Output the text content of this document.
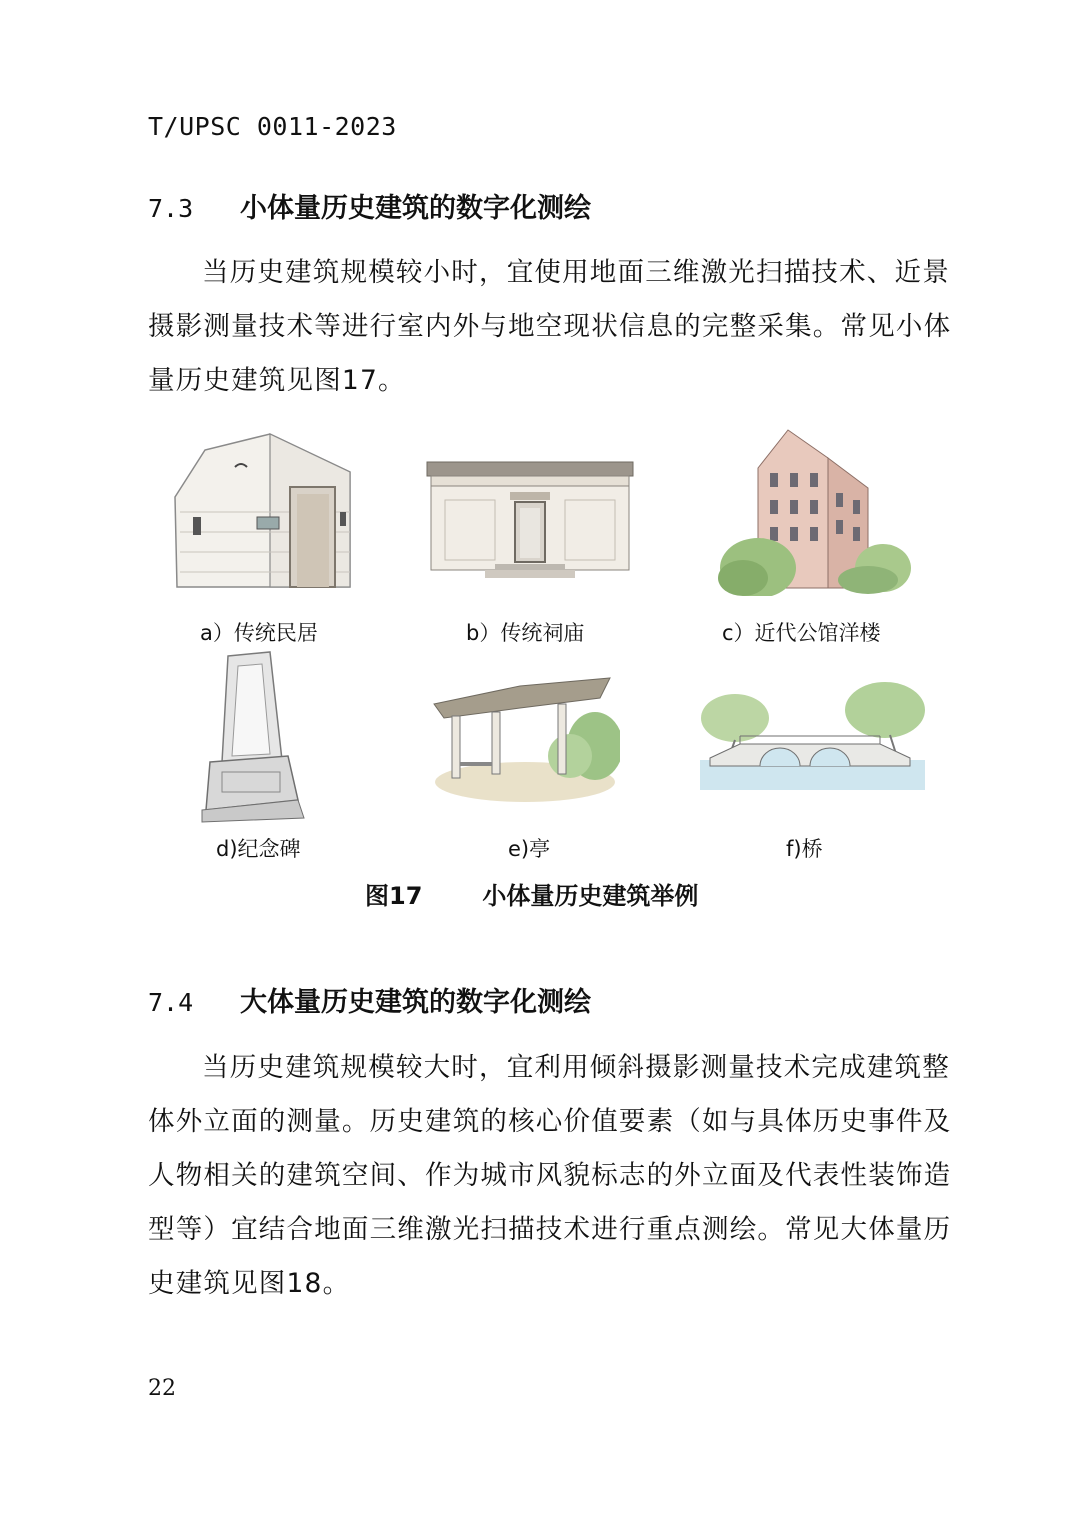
T/UPSC 0011-2023
7.3 小体量历史建筑的数字化测绘

当历史建筑规模较小时，宜使用地面三维激光扫描技术、近景
摄影测量技术等进行室内外与地空现状信息的完整采集。常见小体
量历史建筑见图17。

a）传统民居	b）传统祠庙	c）近代公馆洋楼
d)纪念碑	e)亭	f)桥
图17	小体量历史建筑举例
7.4 大体量历史建筑的数字化测绘

当历史建筑规模较大时，宜利用倾斜摄影测量技术完成建筑整
体外立面的测量。历史建筑的核心价值要素（如与具体历史事件及
人物相关的建筑空间、作为城市风貌标志的外立面及代表性装饰造
型等）宜结合地面三维激光扫描技术进行重点测绘。常见大体量历
史建筑见图18。

22
